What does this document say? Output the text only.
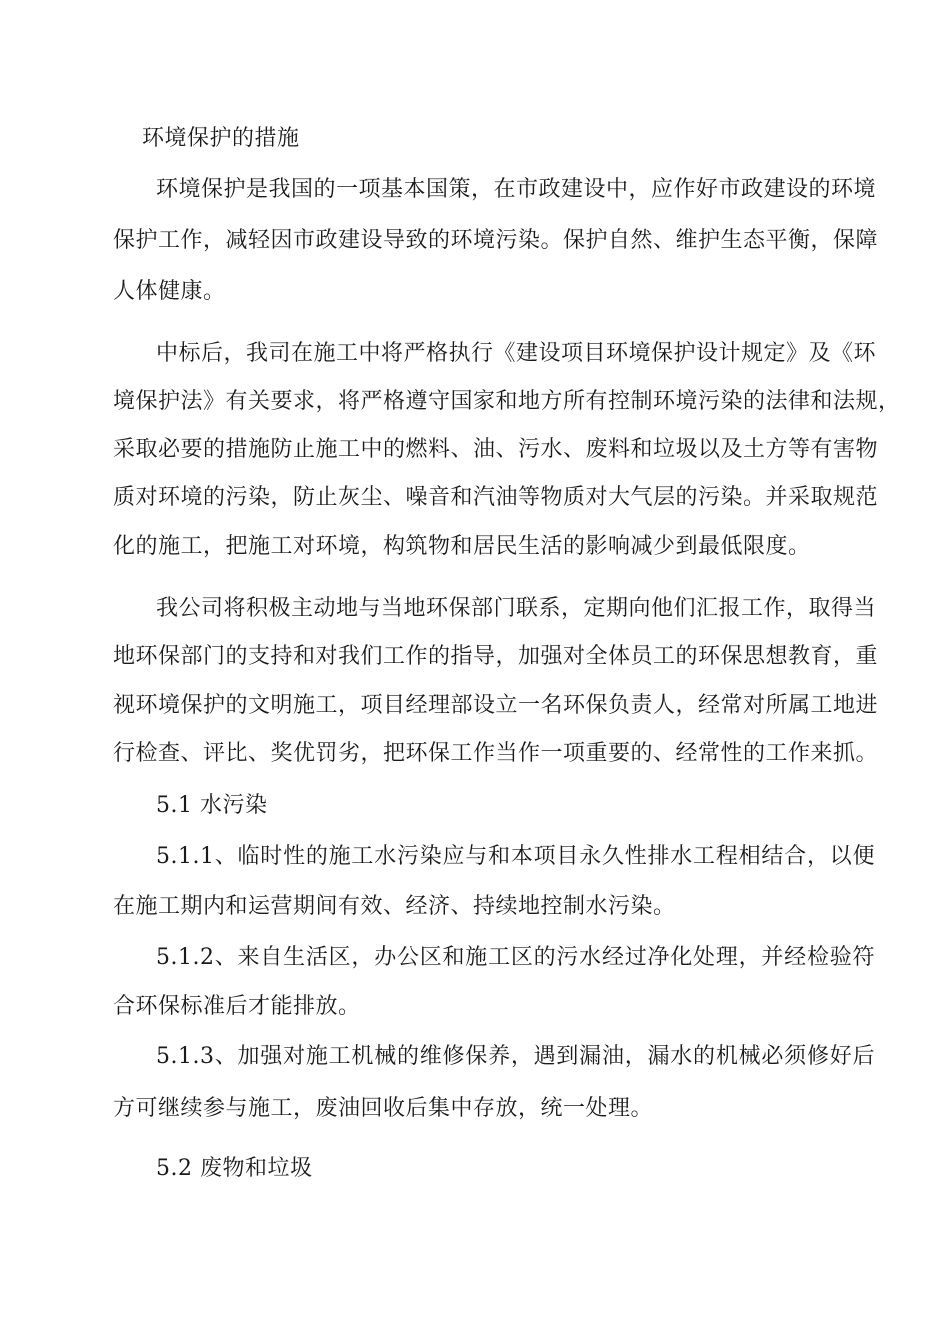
环境保护的措施
环境保护是我国的一项基本国策，在市政建设中，应作好市政建设的环境
保护工作，减轻因市政建设导致的环境污染。保护自然、维护生态平衡，保障
人体健康。
中标后，我司在施工中将严格执行《建设项目环境保护设计规定》及《环
境保护法》有关要求，将严格遵守国家和地方所有控制环境污染的法律和法规，
采取必要的措施防止施工中的燃料、油、污水、废料和垃圾以及土方等有害物
质对环境的污染，防止灰尘、噪音和汽油等物质对大气层的污染。并采取规范
化的施工，把施工对环境，构筑物和居民生活的影响减少到最低限度。
我公司将积极主动地与当地环保部门联系，定期向他们汇报工作，取得当
地环保部门的支持和对我们工作的指导，加强对全体员工的环保思想教育，重
视环境保护的文明施工，项目经理部设立一名环保负责人，经常对所属工地进
行检查、评比、奖优罚劣，把环保工作当作一项重要的、经常性的工作来抓。
5.1 水污染
5.1.1、临时性的施工水污染应与和本项目永久性排水工程相结合，以便
在施工期内和运营期间有效、经济、持续地控制水污染。
5.1.2、来自生活区，办公区和施工区的污水经过净化处理，并经检验符
合环保标准后才能排放。
5.1.3、加强对施工机械的维修保养，遇到漏油，漏水的机械必须修好后
方可继续参与施工，废油回收后集中存放，统一处理。
5.2 废物和垃圾
